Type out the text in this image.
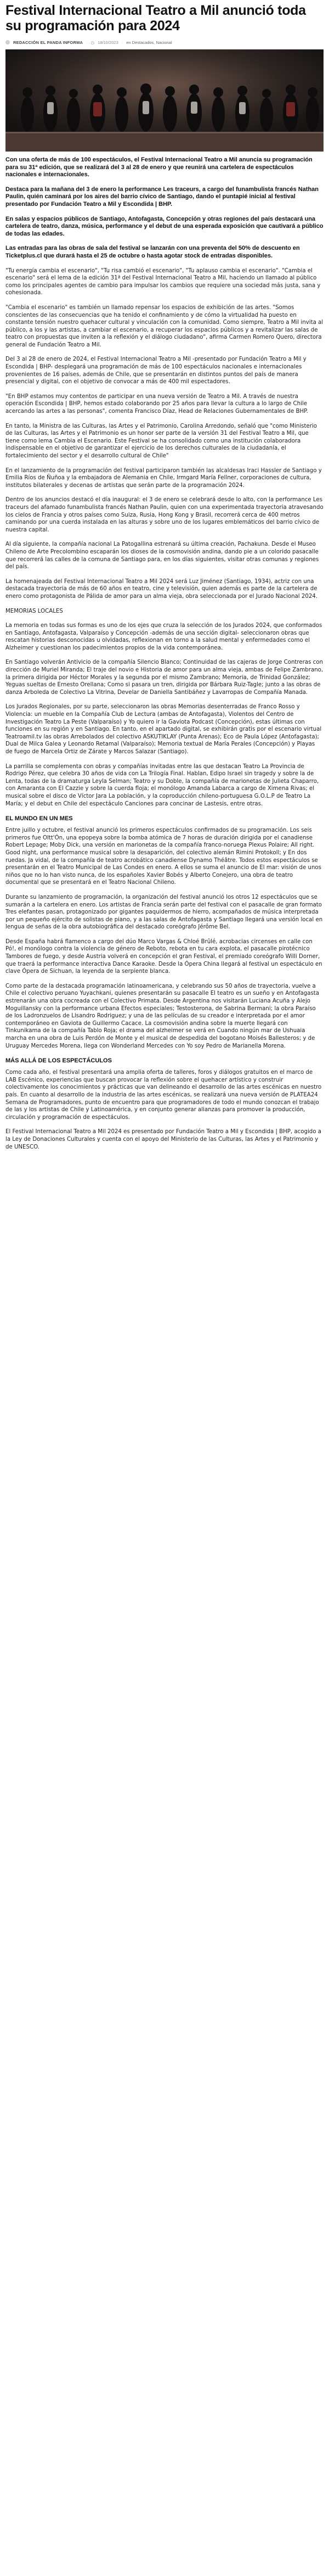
Festival Internacional Teatro a Mil anunció toda su programación para 2024
REDACCIÓN EL PANDA INFORMA · ◷ 18/10/2023 · en Destacados, Nacional

Con una oferta de más de 100 espectáculos, el Festival Internacional Teatro a Mil anuncia su programación para su 31ª edición, que se realizará del 3 al 28 de enero y que reunirá una cartelera de espectáculos nacionales e internacionales.

Destaca para la mañana del 3 de enero la performance Les traceurs, a cargo del funambulista francés Nathan Paulin, quién caminará por los aires del barrio cívico de Santiago, dando el puntapié inicial al festival presentado por Fundación Teatro a Mil y Escondida | BHP.

En salas y espacios públicos de Santiago, Antofagasta, Concepción y otras regiones del país destacará una cartelera de teatro, danza, música, performance y el debut de una esperada exposición que cautivará a público de todas las edades.

Las entradas para las obras de sala del festival se lanzarán con una preventa del 50% de descuento en Ticketplus.cl que durará hasta el 25 de octubre o hasta agotar stock de entradas disponibles.

"Tu energía cambia el escenario", "Tu risa cambió el escenario", "Tu aplauso cambia el escenario". "Cambia el escenario" será el lema de la edición 31ª del Festival Internacional Teatro a Mil, haciendo un llamado al público como los principales agentes de cambio para impulsar los cambios que requiere una sociedad más justa, sana y cohesionada.

"Cambia el escenario" es también un llamado repensar los espacios de exhibición de las artes. "Somos conscientes de las consecuencias que ha tenido el confinamiento y de cómo la virtualidad ha puesto en constante tensión nuestro quehacer cultural y vinculación con la comunidad. Como siempre, Teatro a Mil invita al público, a los y las artistas, a cambiar el escenario, a recuperar los espacios públicos y a revitalizar las salas de teatro con propuestas que inviten a la reflexión y el diálogo ciudadano", afirma Carmen Romero Quero, directora general de Fundación Teatro a Mil.

Del 3 al 28 de enero de 2024, el Festival Internacional Teatro a Mil -presentado por Fundación Teatro a Mil y Escondida | BHP- desplegará una programación de más de 100 espectáculos nacionales e internacionales provenientes de 16 países, además de Chile, que se presentarán en distintos puntos del país de manera presencial y digital, con el objetivo de convocar a más de 400 mil espectadores.

"En BHP estamos muy contentos de participar en una nueva versión de Teatro a Mil. A través de nuestra operación Escondida | BHP, hemos estado colaborando por 25 años para llevar la cultura a lo largo de Chile acercando las artes a las personas", comenta Francisco Díaz, Head de Relaciones Gubernamentales de BHP.

En tanto, la Ministra de las Culturas, las Artes y el Patrimonio, Carolina Arredondo, señaló que "como Ministerio de las Culturas, las Artes y el Patrimonio es un honor ser parte de la versión 31 del Festival Teatro a Mil, que tiene como lema Cambia el Escenario. Este Festival se ha consolidado como una institución colaboradora indispensable en el objetivo de garantizar el ejercicio de los derechos culturales de la ciudadanía, el fortalecimiento del sector y el desarrollo cultural de Chile"

En el lanzamiento de la programación del festival participaron también las alcaldesas Iraci Hassler de Santiago y Emilia Ríos de Ñuñoa y la embajadora de Alemania en Chile, Irmgard María Fellner, corporaciones de cultura, institutos bilaterales y decenas de artistas que serán parte de la programación 2024.

Dentro de los anuncios destacó el día inaugural: el 3 de enero se celebrará desde lo alto, con la performance Les traceurs del afamado funambulista francés Nathan Paulin, quien con una experimentada trayectoria atravesando los cielos de Francia y otros países como Suiza, Rusia, Hong Kong y Brasil, recorrerá cerca de 400 metros caminando por una cuerda instalada en las alturas y sobre uno de los lugares emblemáticos del barrio cívico de nuestra capital.

Al día siguiente, la compañía nacional La Patogallina estrenará su última creación, Pachakuna. Desde el Museo Chileno de Arte Precolombino escaparán los dioses de la cosmovisión andina, dando pie a un colorido pasacalle que recorrerá las calles de la comuna de Santiago para, en los días siguientes, visitar otras comunas y regiones del país.

La homenajeada del Festival Internacional Teatro a Mil 2024 será Luz Jiménez (Santiago, 1934), actriz con una destacada trayectoria de más de 60 años en teatro, cine y televisión, quien además es parte de la cartelera de enero como protagonista de Pálida de amor para un alma vieja, obra seleccionada por el Jurado Nacional 2024.

MEMORIAS LOCALES

La memoria en todas sus formas es uno de los ejes que cruza la selección de los Jurados 2024, que conformados en Santiago, Antofagasta, Valparaíso y Concepción -además de una sección digital- seleccionaron obras que rescatan historias desconocidas u olvidadas, reflexionan en torno a la salud mental y enfermedades como el Alzheimer y cuestionan los padecimientos propios de la vida contemporánea.

En Santiago volverán Antivicio de la compañía Silencio Blanco; Continuidad de las cajeras de Jorge Contreras con dirección de Muriel Miranda; El traje del novio e Historia de amor para un alma vieja, ambas de Felipe Zambrano, la primera dirigida por Héctor Morales y la segunda por el mismo Zambrano; Memoria, de Trinidad González; Yeguas sueltas de Ernesto Orellana; Como si pasara un tren, dirigida por Bárbara Ruiz-Tagle; junto a las obras de danza Arboleda de Colectivo La Vitrina, Develar de Daniella Santibáñez y Lavarropas de Compañía Manada.

Los Jurados Regionales, por su parte, seleccionaron las obras Memorias desenterradas de Franco Rosso y Violencia: un mueble en la Compañía Club de Lectura (ambas de Antofagasta), Violentos del Centro de Investigación Teatro La Peste (Valparaíso) y Yo quiero ir la Gaviota Podcast (Concepción), estas últimas con funciones en su región y en Santiago. En tanto, en el apartado digital, se exhibirán gratis por el escenario virtual Teatroamil.tv las obras Arrebolados del colectivo ASKUTIKLAY (Punta Arenas); Eco de Paula López (Antofagasta); Dual de Milca Galea y Leonardo Retamal (Valparaíso); Memoria textual de María Perales (Concepción) y Playas de fuego de Marcela Ortiz de Zárate y Marcos Salazar (Santiago).

La parrilla se complementa con obras y compañías invitadas entre las que destacan Teatro La Provincia de Rodrigo Pérez, que celebra 30 años de vida con La Trilogía Final. Hablan, Edipo Israel sin tragedy y sobre la de Lenta, todas de la dramaturga Leyla Selman; Teatro y su Doble, la compañía de marionetas de Julieta Chaparro, con Amaranta con El Cazzie y sobre la cuerda floja; el monólogo Amanda Labarca a cargo de Ximena Rivas; el musical sobre el disco de Víctor Jara La población, y la coproducción chileno-portuguesa G.O.L.P de Teatro La María; y el debut en Chile del espectáculo Canciones para concinar de Lastesis, entre otras.

EL MUNDO EN UN MES

Entre juillo y octubre, el festival anunció los primeros espectáculos confirmados de su programación. Los seis primeros fue Oltt'Ón, una epopeya sobre la bomba atómica de 7 horas de duración dirigida por el canadiense Robert Lepage; Moby Dick, una versión en marionetas de la compañía franco-noruega Plexus Polaire; All right. Good night, una performance musical sobre la desaparición, del colectivo alemán Rimini Protokoll; y En dos ruedas. Ja vidal, de la compañía de teatro acrobático canadiense Dynamo Théâtre. Todos estos espectáculos se presentarán en el Teatro Municipal de Las Condes en enero. A ellos se suma el anuncio de El mar: visión de unos niños que no lo han visto nunca, de los españoles Xavier Bobés y Alberto Conejero, una obra de teatro documental que se presentará en el Teatro Nacional Chileno.

Durante su lanzamiento de programación, la organización del festival anunció los otros 12 espectáculos que se sumarán a la cartelera en enero. Los artistas de Francia serán parte del festival con el pasacalle de gran formato Tres elefantes pasan, protagonizado por gigantes paquidermos de hierro, acompañados de música interpretada por un pequeño ejército de solistas de piano, y a las salas de Antofagasta y Santiago llegará una versión local en lengua de señas de la obra autobiográfica del destacado coreógrafo Jérôme Bel.

Desde España habrá flamenco a cargo del dúo Marco Vargas & Chloé Brûlé, acrobacias circenses en calle con Pó!, el monólogo contra la violencia de género de Reboto, rebota en tu cara explota, el pasacalle pirotécnico Tambores de fuego, y desde Austria volverá en concepción el gran Festival, el premiado coreógrafo Willi Dorner, que traerá la performance interactiva Dance Karaoke. Desde la Ópera China llegará al festival un espectáculo en clave Ópera de Sichuan, la leyenda de la serpiente blanca.

Como parte de la destacada programación latinoamericana, y celebrando sus 50 años de trayectoria, vuelve a Chile el colectivo peruano Yuyachkani, quienes presentarán su pasacalle El teatro es un sueño y en Antofagasta estrenarán una obra cocreada con el Colectivo Primata. Desde Argentina nos visitarán Luciana Acuña y Alejo Moguillansky con la performance urbana Efectos especiales; Testosterona, de Sabrina Bermani; la obra Paraíso de los Ladronzuelos de Lisandro Rodriguez; y una de las películas de su creador e interpretada por el amor contemporáneo en Gaviota de Guillermo Cacace. La cosmovisión andina sobre la muerte llegará con Tinkunikama de la compañía Tablo Roja; el drama del alzheimer se verá en Cuando ningún mar de Ushuaia marcha en una obra de Luis Perdón de Monte y el musical de despedida del bogotano Moisés Ballesteros; y de Uruguay Mercedes Morena, llega con Wonderland Mercedes con Yo soy Pedro de Marianella Morena.

MÁS ALLÁ DE LOS ESPECTÁCULOS

Como cada año, el festival presentará una amplia oferta de talleres, foros y diálogos gratuitos en el marco de LAB Escénico, experiencias que buscan provocar la reflexión sobre el quehacer artístico y construir colectivamente los conocimientos y prácticas que van delineando el desarrollo de las artes escénicas en nuestro país. En cuanto al desarrollo de la industria de las artes escénicas, se realizará una nueva versión de PLATEA24 Semana de Programadores, punto de encuentro para que programadores de todo el mundo conozcan el trabajo de las y los artistas de Chile y Latinoamérica, y en conjunto generar alianzas para promover la producción, circulación y programación de espectáculos.

El Festival Internacional Teatro a Mil 2024 es presentado por Fundación Teatro a Mil y Escondida | BHP, acogido a la Ley de Donaciones Culturales y cuenta con el apoyo del Ministerio de las Culturas, las Artes y el Patrimonio y de UNESCO.
